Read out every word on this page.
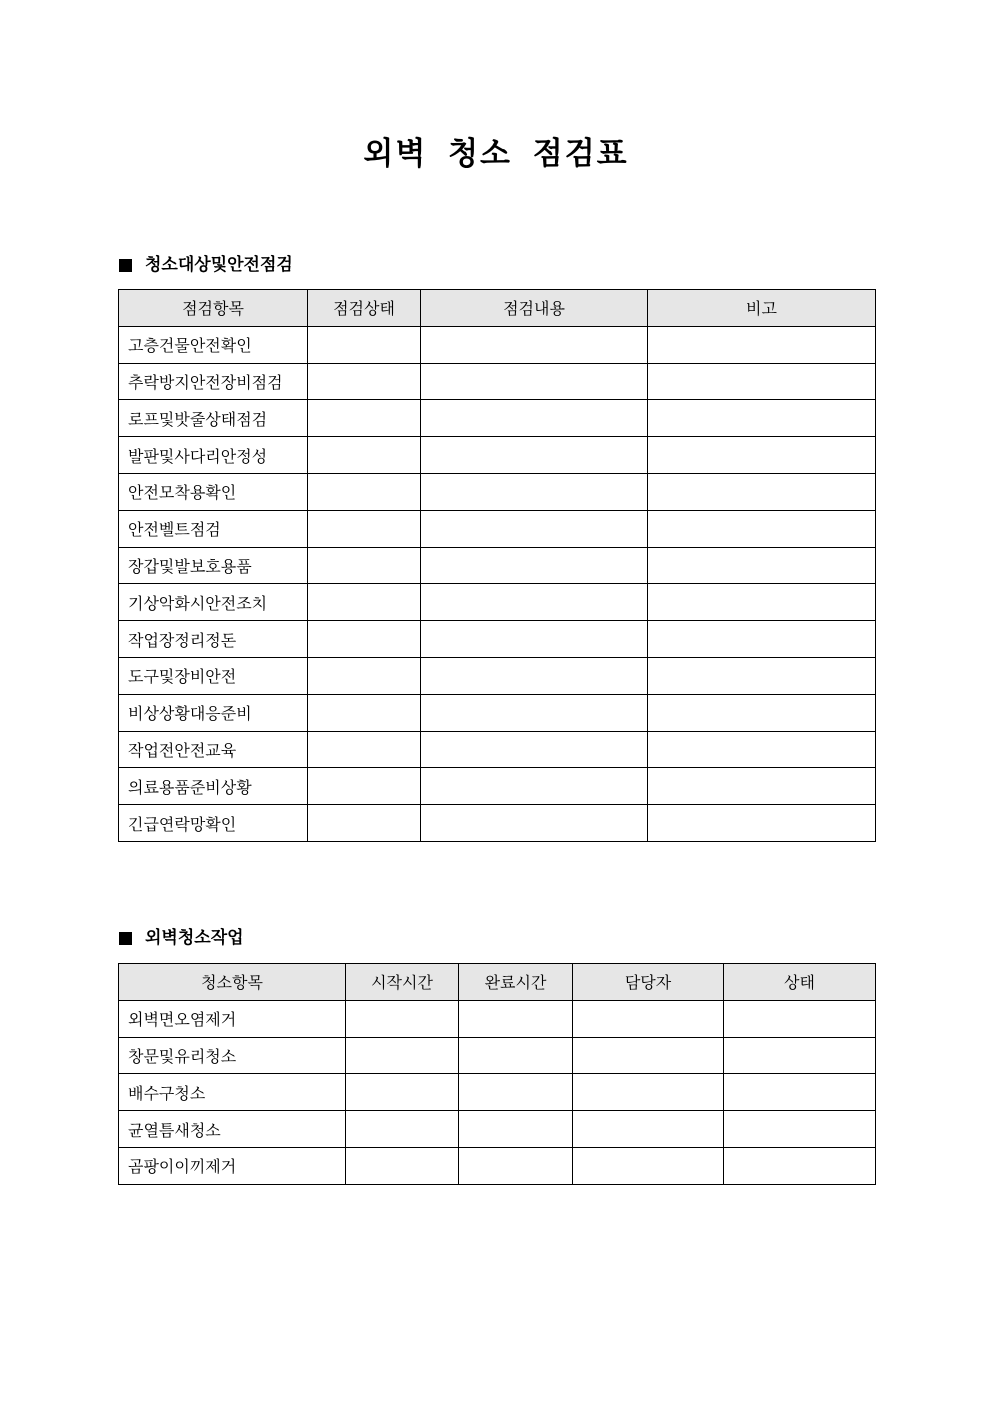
외벽 청소 점검표
청소대상및안전점검
점검항목	점검상태	점검내용	비고
고층건물안전확인			
추락방지안전장비점검			
로프및밧줄상태점검			
발판및사다리안정성			
안전모착용확인			
안전벨트점검			
장갑및발보호용품			
기상악화시안전조치			
작업장정리정돈			
도구및장비안전			
비상상황대응준비			
작업전안전교육			
의료용품준비상황			
긴급연락망확인			
외벽청소작업
청소항목	시작시간	완료시간	담당자	상태
외벽면오염제거				
창문및유리청소				
배수구청소				
균열틈새청소				
곰팡이이끼제거				
